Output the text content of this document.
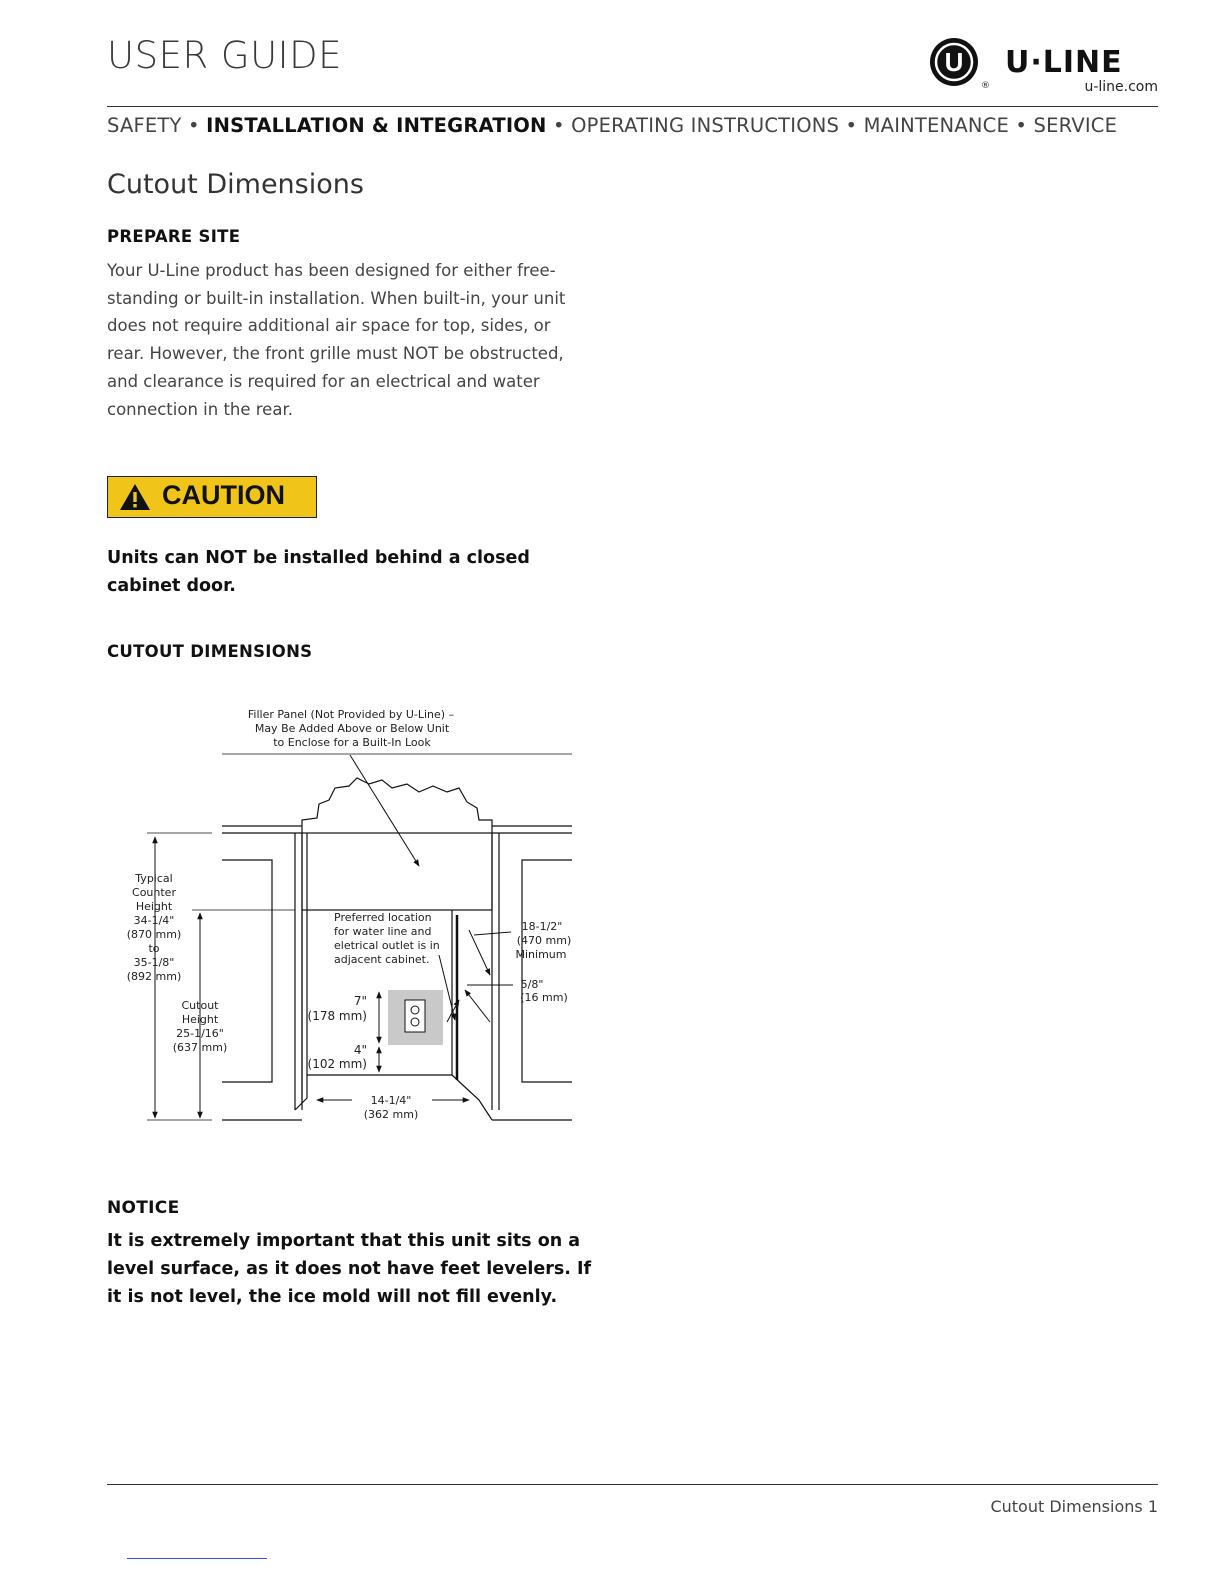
USER GUIDE	U
®
U·LINE
u-line.com
SAFETY • INSTALLATION & INTEGRATION • OPERATING INSTRUCTIONS • MAINTENANCE • SERVICE
Cutout Dimensions
PREPARE SITE
Your U-Line product has been designed for either free-
standing or built-in installation. When built-in, your unit
does not require additional air space for top, sides, or
rear. However, the front grille must NOT be obstructed,
and clearance is required for an electrical and water
connection in the rear.
CAUTION
Units can NOT be installed behind a closed
cabinet door.
CUTOUT DIMENSIONS
Filler Panel (Not Provided by U-Line) –
May Be Added Above or Below Unit
to Enclose for a Built-In Look
Typical
Counter
Height
34-1/4"
(870 mm)
to
35-1/8"
(892 mm)
Cutout
Height
25-1/16"
(637 mm)
18-1/2"
(470 mm)
Minimum
5/8"
(16 mm)
14-1/4"
(362 mm)
Preferred location
for water line and
eletrical outlet is in
adjacent cabinet.
7"
(178 mm)
4"
(102 mm)
NOTICE
It is extremely important that this unit sits on a
level surface, as it does not have feet levelers. If
it is not level, the ice mold will not fill evenly.
Cutout Dimensions 1
